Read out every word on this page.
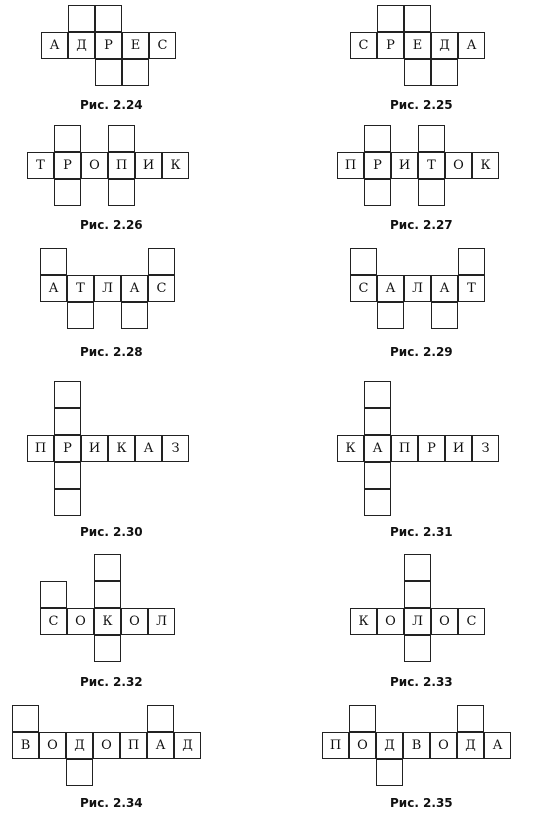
А	Д	Р	Е	С
Рис. 2.24
С	Р	Е	Д	А
Рис. 2.25
Т	Р	О	П	И	К
Рис. 2.26
П	Р	И	Т	О	К
Рис. 2.27
А	Т	Л	А	С
Рис. 2.28
С	А	Л	А	Т
Рис. 2.29
П	Р	И	К	А	З
Рис. 2.30
К	А	П	Р	И	З
Рис. 2.31
С	О	К	О	Л
Рис. 2.32
К	О	Л	О	С
Рис. 2.33
В	О	Д	О	П	А	Д
Рис. 2.34
П	О	Д	В	О	Д	А
Рис. 2.35
